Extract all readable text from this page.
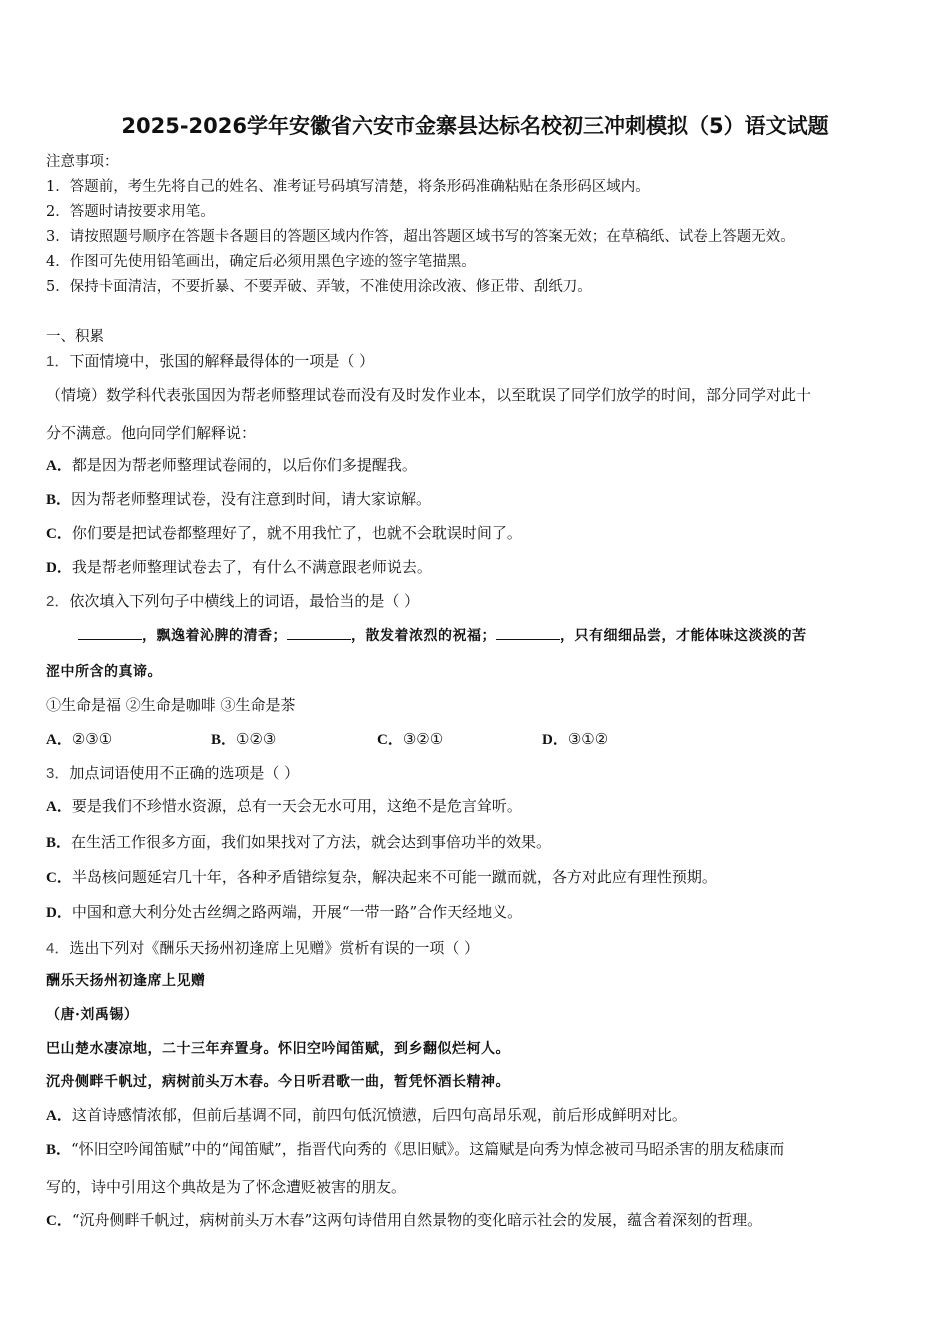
2025-2026学年安徽省六安市金寨县达标名校初三冲刺模拟（5）语文试题
注意事项：
1．答题前，考生先将自己的姓名、准考证号码填写清楚，将条形码准确粘贴在条形码区域内。
2．答题时请按要求用笔。
3．请按照题号顺序在答题卡各题目的答题区域内作答，超出答题区域书写的答案无效；在草稿纸、试卷上答题无效。
4．作图可先使用铅笔画出，确定后必须用黑色字迹的签字笔描黑。
5．保持卡面清洁，不要折暴、不要弄破、弄皱，不准使用涂改液、修正带、刮纸刀。
一、积累
1．下面情境中，张国的解释最得体的一项是（ ）
（情境）数学科代表张国因为帮老师整理试卷而没有及时发作业本，以至耽误了同学们放学的时间，部分同学对此十
分不满意。他向同学们解释说：
A．都是因为帮老师整理试卷闹的，以后你们多提醒我。
B．因为帮老师整理试卷，没有注意到时间，请大家谅解。
C．你们要是把试卷都整理好了，就不用我忙了，也就不会耽误时间了。
D．我是帮老师整理试卷去了，有什么不满意跟老师说去。
2．依次填入下列句子中横线上的词语，最恰当的是（ ）
，飘逸着沁脾的清香；	，散发着浓烈的祝福；	，只有细细品尝，才能体味这淡淡的苦
涩中所含的真谛。
①生命是福 ②生命是咖啡 ③生命是茶
A．②③①	B．①②③	C．③②①	D．③①②
3．加点词语使用不正确的选项是（ ）
A．要是我们不珍惜水资源，总有一天会无水可用，这绝不是危言耸听。
B．在生活工作很多方面，我们如果找对了方法，就会达到事倍功半的效果。
C．半岛核问题延宕几十年，各种矛盾错综复杂，解决起来不可能一蹴而就，各方对此应有理性预期。
D．中国和意大利分处古丝绸之路两端，开展“一带一路”合作天经地义。
4．选出下列对《酬乐天扬州初逢席上见赠》赏析有误的一项（ ）
酬乐天扬州初逢席上见赠
（唐·刘禹锡）
巴山楚水凄凉地，二十三年弃置身。怀旧空吟闻笛赋，到乡翻似烂柯人。
沉舟侧畔千帆过，病树前头万木春。今日听君歌一曲，暂凭怀酒长精神。
A．这首诗感情浓郁，但前后基调不同，前四句低沉愤懑，后四句高昂乐观，前后形成鲜明对比。
B．“怀旧空吟闻笛赋”中的“闻笛赋”，指晋代向秀的《思旧赋》。这篇赋是向秀为悼念被司马昭杀害的朋友嵇康而
写的，诗中引用这个典故是为了怀念遭贬被害的朋友。
C．“沉舟侧畔千帆过，病树前头万木春”这两句诗借用自然景物的变化暗示社会的发展，蕴含着深刻的哲理。
